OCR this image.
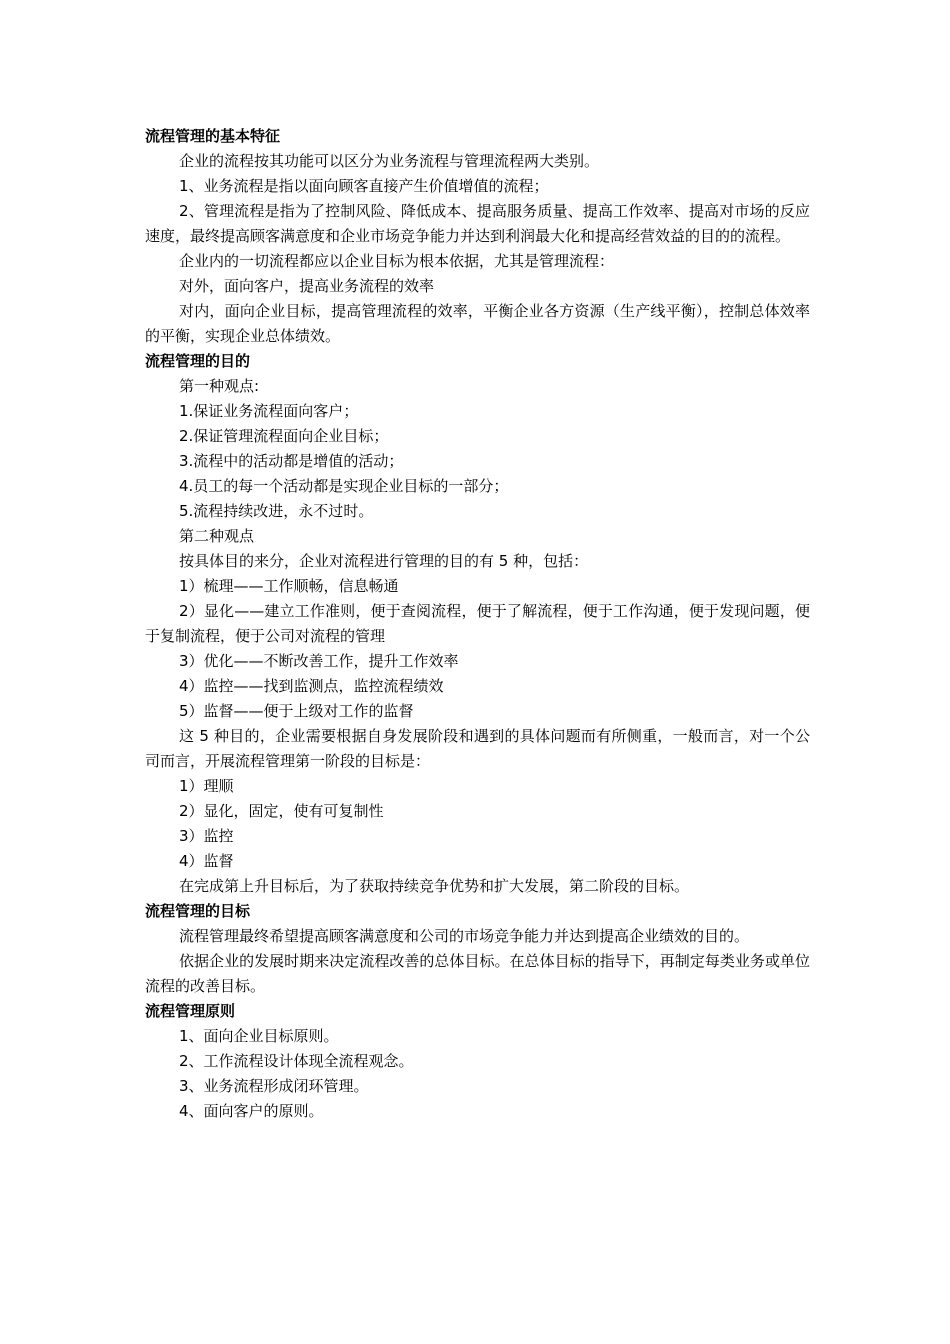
流程管理的基本特征

企业的流程按其功能可以区分为业务流程与管理流程两大类别。

1、业务流程是指以面向顾客直接产生价值增值的流程；

2、管理流程是指为了控制风险、降低成本、提高服务质量、提高工作效率、提高对市场的反应速度，最终提高顾客满意度和企业市场竞争能力并达到利润最大化和提高经营效益的目的的流程。

企业内的一切流程都应以企业目标为根本依据，尤其是管理流程：

对外，面向客户，提高业务流程的效率

对内，面向企业目标，提高管理流程的效率，平衡企业各方资源（生产线平衡），控制总体效率的平衡，实现企业总体绩效。

流程管理的目的

第一种观点:

1.保证业务流程面向客户；

2.保证管理流程面向企业目标；

3.流程中的活动都是增值的活动；

4.员工的每一个活动都是实现企业目标的一部分；

5.流程持续改进，永不过时。

第二种观点

按具体目的来分，企业对流程进行管理的目的有 5 种，包括：

1）梳理——工作顺畅，信息畅通

2）显化——建立工作准则，便于查阅流程，便于了解流程，便于工作沟通，便于发现问题，便于复制流程，便于公司对流程的管理

3）优化——不断改善工作，提升工作效率

4）监控——找到监测点，监控流程绩效

5）监督——便于上级对工作的监督

这 5 种目的，企业需要根据自身发展阶段和遇到的具体问题而有所侧重，一般而言，对一个公司而言，开展流程管理第一阶段的目标是：

1）理顺

2）显化，固定，使有可复制性

3）监控

4）监督

在完成第上升目标后，为了获取持续竞争优势和扩大发展，第二阶段的目标。

流程管理的目标

流程管理最终希望提高顾客满意度和公司的市场竞争能力并达到提高企业绩效的目的。

依据企业的发展时期来决定流程改善的总体目标。在总体目标的指导下，再制定每类业务或单位流程的改善目标。

流程管理原则

1、面向企业目标原则。

2、工作流程设计体现全流程观念。

3、业务流程形成闭环管理。

4、面向客户的原则。
